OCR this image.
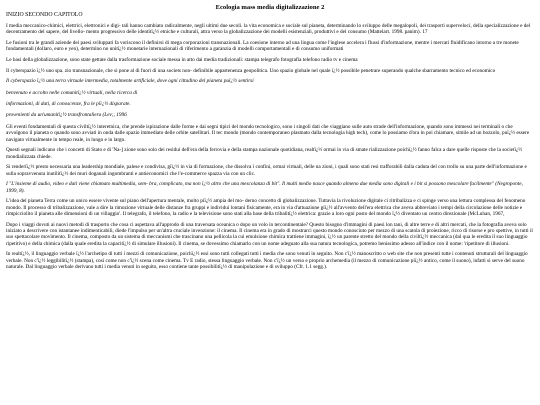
Ecologia mass media digitalizzazione 2
INIZIO SECONDO CAPITOLO

I media meccanico-chimici, elettrici, elettronici e digi- tali hanno cambiato radicalmente, negli ultimi due secoli. la vita economica e sociale sul pianeta, determinando lo sviluppo delle megalopoli, dei trasporti superveloci, della specializzazione e del decentramento del sapere, del livello- mento progressivo delle identitï¿½ etniche e culturali, attra verso la globalizzazione dei modelli esistenziali, produttivi e del consumo (Mattelart. 1998. panim). 17

Le fusioni tra le grandi aziende dei paesi sviluppati fa voriscono il definirsi di mega corporazioni transnazionali. La coesione interno ad una lingua come l'inglese accelera i flussi d'informazione, mentre i mercati fluidificano intorno a tre monete fondamentali (dollaro, euro e yen), determino no unitï¿½ monetarie internazionali di riferimento a garanzia di modelli comportamentali e di consumo uniformati

Le basi della globalizzazione, sono state gettate dalla trasformazione sociale messa in atto dai media tradizionali: stampa telegrafo fotografia telefono radio tv e cinema

Il cyberspazio ï¿½ uno spa. zio transnazionale, che si pone al di fuori di una societs non- definibile appartenenza geopolitica. Uno spazio globale nel quale ï¿½ possibile penetrare superando qualche sbarramento tecnico ed economico

Il cyberspazio ï¿½ una terra virtuale intermedia, totalmente artificiale, dove ogni cittadino del pianeta puï¿½ sentirsi

benvenuto e accolto nelle comunitï¿½ virtuali, nella ricerca di

informazioni, di dati, di conoscenze, fra le piï¿½ disparate.

provenienti da un'umanitï¿½ transfrontaliera (Lev;, 1996

Gli eventi fondamentali di questa civiltï¿½ interetnica, che prende ispirazione dalle forme e dai segni tipici del mondo tecnologico, sono i singoli dati che viaggiano sulle auto strade dell'informazione, quando sono immessi nei terminali o che avvolgono il pianeta o quando sono avviati in onda dalle spazio immediato delle orbite satellitari. Il tec mondo (mondo contemporaneo plasmato dalla tecnologia high tech), come lo possiamo d'ora in poi chiamare, simile ad un bozzolo, puï¿½ essere navigato virtualmente in tempo reale, in lungo e in largo.

Questi segnali indicano che i concetti di Stato e di 'Na-] zione sono solo dei residui dell'era della ferrovia e della stampa nazionale quotidiana, realtï¿½ ormai in via di smate rializzazione poichï¿½ fanno falca a dare quelle risposte che la societï¿½ mondializzata chiede.

Si renderiï¿½ presto necessaria una leadership mondiale, palese e condivisa, giï¿½ in via di formazione, che dissolva i confini, ormai virtuali, delle na zioni, i quali sono stati resi trafforabili dalla caduta del con trollo su una parte dell'informazione e sulla sopravvenuta inutilitï¿½ dei muri doganali ingombranti e antieconomici che l'e-commerce spazza via con un clic.

I "L'insieme di audio, video e dati viene chiamato multimedia, sem- bra, complicato, ma non ï¿½ altro che una mescolanza di bit". Il multi medio nasce quando almeno due media sono digitali e i bit si possono mescolare facilmente" (Negroponte, 1999, 8).

L'idea del pianeta Terra come un unico essere vivente sul piano dell'apertura mentale, molto piï¿½ ampia del mo- derno concetto di globalizzazione. Tuttavia la rivoluzione digitale ci ritribalizza e ci spinge verso una lettura complessa del fenomeno mondo. Il processo di tribalizzazione, vale a dire la rimozione virtuale delle distanze fra gruppi e individui lontani fisicamente, era in via d'attuazione giï¿½ all'avvento dell'era elettrica che aveva abbreviato i tempi della circolazione delle notizie e rimpicciolito il pianeta alle dimensioni di un villaggio'. Il telegrafo, il telefono, la radio e la televisione sono stati alla base della tribalitï¿½ elettrica: grazie a loro ogni posto del mondo ï¿½ diventato un centro direzionale (McLuhan, 1967,

Dopo i viaggi dovuti ai nuovi metodi di trasporto che cosa ci aspettava all'approdo di una traversata oceanica o dopo un volo in tercontinentale? Questo bisogno d'immagini di paesi lon tani, di altre terre e di altri mercati, che la fotografia aveva solo iniziato a descrivere con istantanee indimenticabili, diede l'impulso per un'altra cruciale invenzione: il cinema. Il cinema era in grado di mostrarci questo mondo conosciuto per mezzo di una scatola di proiezione, ricco di risorse e pro spettive, in tutti il suo spettacolare movimento. Il cinema, composto da un sistema di meccanismi che trascinano una pellicola la cui emulsione chimica trattiene immagini, ï¿½ un parente stretto del mondo della civiltï¿½ meccanica (dal qua le eredita il suo linguaggio ripetitivo) e della chimica (dalla quale eredita la capacitï¿½ di simulare illusioni). Il cinema, se dovessimo chiamarlo con un nome adeguato alla sua natura tecnologica, potremo benissimo adesso all'indice con il nome: 'ripetitore di illusioni.

In realtï¿½, il linguaggio verbale ï¿½ l'archetipo di tutti i mezzi di comunicazione, poichï¿½ essi sono tutti collegati tutti i media che sono venuti in seguito. Non c'ï¿½ manoscritto o web site che non presenti tutte i contenuti strutturali del linguaggio verbale. Non c'ï¿½ leggibilitï¿½ (stampa), cosi come non c'ï¿½ scena come cinema. Tv E radio, stessa linguaggio verbale. Non c'ï¿½ un verso e proprio archemedia (il mezzo di comunicazione piï¿½ antico, come il suono), infatti si serve del suono naturale. Dal linguaggio verbale derivano tutti i media venuti in seguito, esso contiene tante possibilitï¿½ di manipolazione e di sviluppo (Cfr. 1.1 segg.).
